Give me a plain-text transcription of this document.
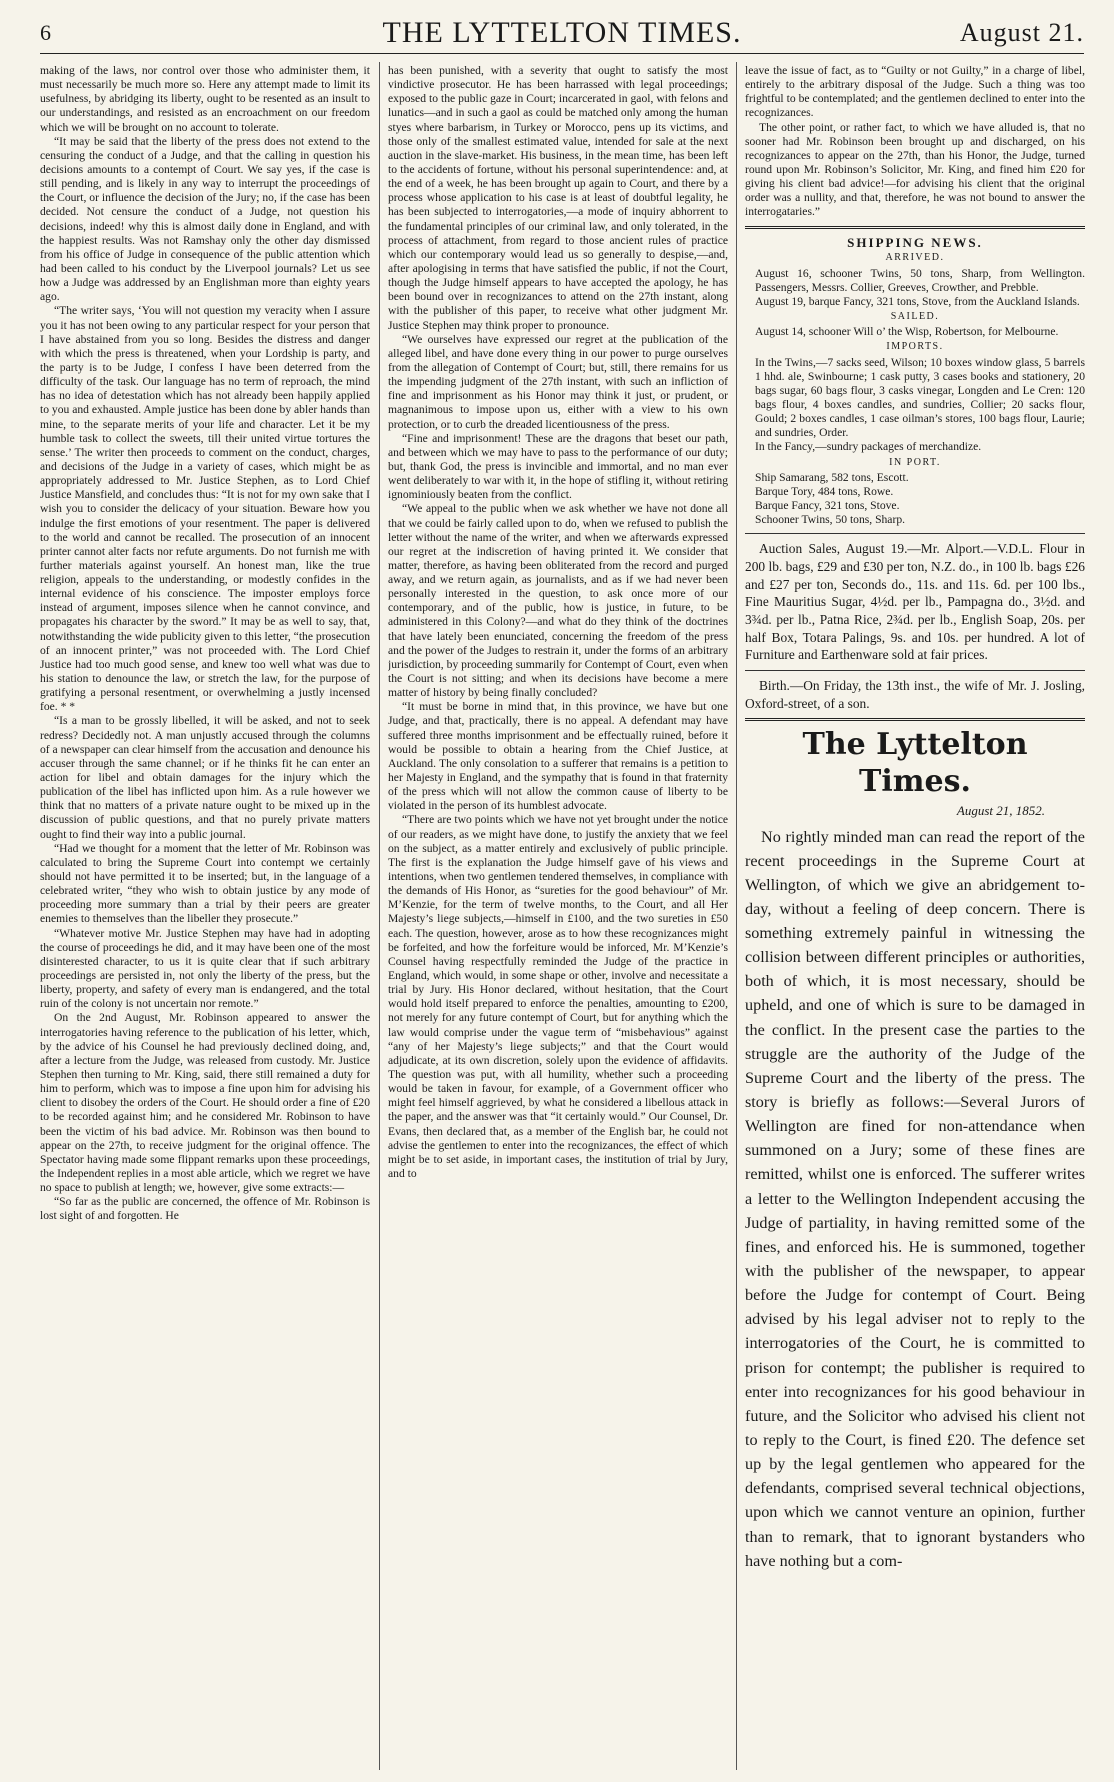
6	THE LYTTELTON TIMES.	August 21.

making of the laws, nor control over those who administer them, it must necessarily be much more so. Here any attempt made to limit its usefulness, by abridging its liberty, ought to be resented as an insult to our understandings, and resisted as an encroachment on our freedom which we will be brought on no account to tolerate.

“It may be said that the liberty of the press does not extend to the censuring the conduct of a Judge, and that the calling in question his decisions amounts to a contempt of Court. We say yes, if the case is still pending, and is likely in any way to interrupt the proceedings of the Court, or influence the decision of the Jury; no, if the case has been decided. Not censure the conduct of a Judge, not question his decisions, indeed! why this is almost daily done in England, and with the happiest results. Was not Ramshay only the other day dismissed from his office of Judge in consequence of the public attention which had been called to his conduct by the Liverpool journals? Let us see how a Judge was addressed by an Englishman more than eighty years ago.

“The writer says, ‘You will not question my veracity when I assure you it has not been owing to any particular respect for your person that I have abstained from you so long. Besides the distress and danger with which the press is threatened, when your Lordship is party, and the party is to be Judge, I confess I have been deterred from the difficulty of the task. Our language has no term of reproach, the mind has no idea of detestation which has not already been happily applied to you and exhausted. Ample justice has been done by abler hands than mine, to the separate merits of your life and character. Let it be my humble task to collect the sweets, till their united virtue tortures the sense.’ The writer then proceeds to comment on the conduct, charges, and decisions of the Judge in a variety of cases, which might be as appropriately addressed to Mr. Justice Stephen, as to Lord Chief Justice Mansfield, and concludes thus: “It is not for my own sake that I wish you to consider the delicacy of your situation. Beware how you indulge the first emotions of your resentment. The paper is delivered to the world and cannot be recalled. The prosecution of an innocent printer cannot alter facts nor refute arguments. Do not furnish me with further materials against yourself. An honest man, like the true religion, appeals to the understanding, or modestly confides in the internal evidence of his conscience. The imposter employs force instead of argument, imposes silence when he cannot convince, and propagates his character by the sword.” It may be as well to say, that, notwithstanding the wide publicity given to this letter, “the prosecution of an innocent printer,” was not proceeded with. The Lord Chief Justice had too much good sense, and knew too well what was due to his station to denounce the law, or stretch the law, for the purpose of gratifying a personal resentment, or overwhelming a justly incensed foe. * *

“Is a man to be grossly libelled, it will be asked, and not to seek redress? Decidedly not. A man unjustly accused through the columns of a newspaper can clear himself from the accusation and denounce his accuser through the same channel; or if he thinks fit he can enter an action for libel and obtain damages for the injury which the publication of the libel has inflicted upon him. As a rule however we think that no matters of a private nature ought to be mixed up in the discussion of public questions, and that no purely private matters ought to find their way into a public journal.

“Had we thought for a moment that the letter of Mr. Robinson was calculated to bring the Supreme Court into contempt we certainly should not have permitted it to be inserted; but, in the language of a celebrated writer, “they who wish to obtain justice by any mode of proceeding more summary than a trial by their peers are greater enemies to themselves than the libeller they prosecute.”

“Whatever motive Mr. Justice Stephen may have had in adopting the course of proceedings he did, and it may have been one of the most disinterested character, to us it is quite clear that if such arbitrary proceedings are persisted in, not only the liberty of the press, but the liberty, property, and safety of every man is endangered, and the total ruin of the colony is not uncertain nor remote.”

On the 2nd August, Mr. Robinson appeared to answer the interrogatories having reference to the publication of his letter, which, by the advice of his Counsel he had previously declined doing, and, after a lecture from the Judge, was released from custody. Mr. Justice Stephen then turning to Mr. King, said, there still remained a duty for him to perform, which was to impose a fine upon him for advising his client to disobey the orders of the Court. He should order a fine of £20 to be recorded against him; and he considered Mr. Robinson to have been the victim of his bad advice. Mr. Robinson was then bound to appear on the 27th, to receive judgment for the original offence. The Spectator having made some flippant remarks upon these proceedings, the Independent replies in a most able article, which we regret we have no space to publish at length; we, however, give some extracts:—

“So far as the public are concerned, the offence of Mr. Robinson is lost sight of and forgotten. He

has been punished, with a severity that ought to satisfy the most vindictive prosecutor. He has been harrassed with legal proceedings; exposed to the public gaze in Court; incarcerated in gaol, with felons and lunatics—and in such a gaol as could be matched only among the human styes where barbarism, in Turkey or Morocco, pens up its victims, and those only of the smallest estimated value, intended for sale at the next auction in the slave-market. His business, in the mean time, has been left to the accidents of fortune, without his personal superintendence: and, at the end of a week, he has been brought up again to Court, and there by a process whose application to his case is at least of doubtful legality, he has been subjected to interrogatories,—a mode of inquiry abhorrent to the fundamental principles of our criminal law, and only tolerated, in the process of attachment, from regard to those ancient rules of practice which our contemporary would lead us so generally to despise,—and, after apologising in terms that have satisfied the public, if not the Court, though the Judge himself appears to have accepted the apology, he has been bound over in recognizances to attend on the 27th instant, along with the publisher of this paper, to receive what other judgment Mr. Justice Stephen may think proper to pronounce.

“We ourselves have expressed our regret at the publication of the alleged libel, and have done every thing in our power to purge ourselves from the allegation of Contempt of Court; but, still, there remains for us the impending judgment of the 27th instant, with such an infliction of fine and imprisonment as his Honor may think it just, or prudent, or magnanimous to impose upon us, either with a view to his own protection, or to curb the dreaded licentiousness of the press.

“Fine and imprisonment! These are the dragons that beset our path, and between which we may have to pass to the performance of our duty; but, thank God, the press is invincible and immortal, and no man ever went deliberately to war with it, in the hope of stifling it, without retiring ignominiously beaten from the conflict.

“We appeal to the public when we ask whether we have not done all that we could be fairly called upon to do, when we refused to publish the letter without the name of the writer, and when we afterwards expressed our regret at the indiscretion of having printed it. We consider that matter, therefore, as having been obliterated from the record and purged away, and we return again, as journalists, and as if we had never been personally interested in the question, to ask once more of our contemporary, and of the public, how is justice, in future, to be administered in this Colony?—and what do they think of the doctrines that have lately been enunciated, concerning the freedom of the press and the power of the Judges to restrain it, under the forms of an arbitrary jurisdiction, by proceeding summarily for Contempt of Court, even when the Court is not sitting; and when its decisions have become a mere matter of history by being finally concluded?

“It must be borne in mind that, in this province, we have but one Judge, and that, practically, there is no appeal. A defendant may have suffered three months imprisonment and be effectually ruined, before it would be possible to obtain a hearing from the Chief Justice, at Auckland. The only consolation to a sufferer that remains is a petition to her Majesty in England, and the sympathy that is found in that fraternity of the press which will not allow the common cause of liberty to be violated in the person of its humblest advocate.

“There are two points which we have not yet brought under the notice of our readers, as we might have done, to justify the anxiety that we feel on the subject, as a matter entirely and exclusively of public principle. The first is the explanation the Judge himself gave of his views and intentions, when two gentlemen tendered themselves, in compliance with the demands of His Honor, as “sureties for the good behaviour” of Mr. M’Kenzie, for the term of twelve months, to the Court, and all Her Majesty’s liege subjects,—himself in £100, and the two sureties in £50 each. The question, however, arose as to how these recognizances might be forfeited, and how the forfeiture would be inforced, Mr. M’Kenzie’s Counsel having respectfully reminded the Judge of the practice in England, which would, in some shape or other, involve and necessitate a trial by Jury. His Honor declared, without hesitation, that the Court would hold itself prepared to enforce the penalties, amounting to £200, not merely for any future contempt of Court, but for anything which the law would comprise under the vague term of “misbehavious” against “any of her Majesty’s liege subjects;” and that the Court would adjudicate, at its own discretion, solely upon the evidence of affidavits. The question was put, with all humility, whether such a proceeding would be taken in favour, for example, of a Government officer who might feel himself aggrieved, by what he considered a libellous attack in the paper, and the answer was that “it certainly would.” Our Counsel, Dr. Evans, then declared that, as a member of the English bar, he could not advise the gentlemen to enter into the recognizances, the effect of which might be to set aside, in important cases, the institution of trial by Jury, and to

leave the issue of fact, as to “Guilty or not Guilty,” in a charge of libel, entirely to the arbitrary disposal of the Judge. Such a thing was too frightful to be contemplated; and the gentlemen declined to enter into the recognizances.

The other point, or rather fact, to which we have alluded is, that no sooner had Mr. Robinson been brought up and discharged, on his recognizances to appear on the 27th, than his Honor, the Judge, turned round upon Mr. Robinson’s Solicitor, Mr. King, and fined him £20 for giving his client bad advice!—for advising his client that the original order was a nullity, and that, therefore, he was not bound to answer the interrogataries.”

SHIPPING NEWS.
ARRIVED.

August 16, schooner Twins, 50 tons, Sharp, from Wellington. Passengers, Messrs. Collier, Greeves, Crowther, and Prebble.

August 19, barque Fancy, 321 tons, Stove, from the Auckland Islands.

SAILED.

August 14, schooner Will o’ the Wisp, Robertson, for Melbourne.

IMPORTS.

In the Twins,—7 sacks seed, Wilson; 10 boxes window glass, 5 barrels 1 hhd. ale, Swinbourne; 1 cask putty, 3 cases books and stationery, 20 bags sugar, 60 bags flour, 3 casks vinegar, Longden and Le Cren: 120 bags flour, 4 boxes candles, and sundries, Collier; 20 sacks flour, Gould; 2 boxes candles, 1 case oilman’s stores, 100 bags flour, Laurie; and sundries, Order.

In the Fancy,—sundry packages of merchandize.

IN PORT.

Ship Samarang, 582 tons, Escott.

Barque Tory, 484 tons, Rowe.

Barque Fancy, 321 tons, Stove.

Schooner Twins, 50 tons, Sharp.

Auction Sales, August 19.—Mr. Alport.—V.D.L. Flour in 200 lb. bags, £29 and £30 per ton, N.Z. do., in 100 lb. bags £26 and £27 per ton, Seconds do., 11s. and 11s. 6d. per 100 lbs., Fine Mauritius Sugar, 4½d. per lb., Pampagna do., 3½d. and 3¾d. per lb., Patna Rice, 2¾d. per lb., English Soap, 20s. per half Box, Totara Palings, 9s. and 10s. per hundred. A lot of Furniture and Earthenware sold at fair prices.

Birth.—On Friday, the 13th inst., the wife of Mr. J. Josling, Oxford-street, of a son.

The Lyttelton Times.
August 21, 1852.

No rightly minded man can read the report of the recent proceedings in the Supreme Court at Wellington, of which we give an abridgement to-day, without a feeling of deep concern. There is something extremely painful in witnessing the collision between different principles or authorities, both of which, it is most necessary, should be upheld, and one of which is sure to be damaged in the conflict. In the present case the parties to the struggle are the authority of the Judge of the Supreme Court and the liberty of the press. The story is briefly as follows:—Several Jurors of Wellington are fined for non-attendance when summoned on a Jury; some of these fines are remitted, whilst one is enforced. The sufferer writes a letter to the Wellington Independent accusing the Judge of partiality, in having remitted some of the fines, and enforced his. He is summoned, together with the publisher of the newspaper, to appear before the Judge for contempt of Court. Being advised by his legal adviser not to reply to the interrogatories of the Court, he is committed to prison for contempt; the publisher is required to enter into recognizances for his good behaviour in future, and the Solicitor who advised his client not to reply to the Court, is fined £20. The defence set up by the legal gentlemen who appeared for the defendants, comprised several technical objections, upon which we cannot venture an opinion, further than to remark, that to ignorant bystanders who have nothing but a com-
